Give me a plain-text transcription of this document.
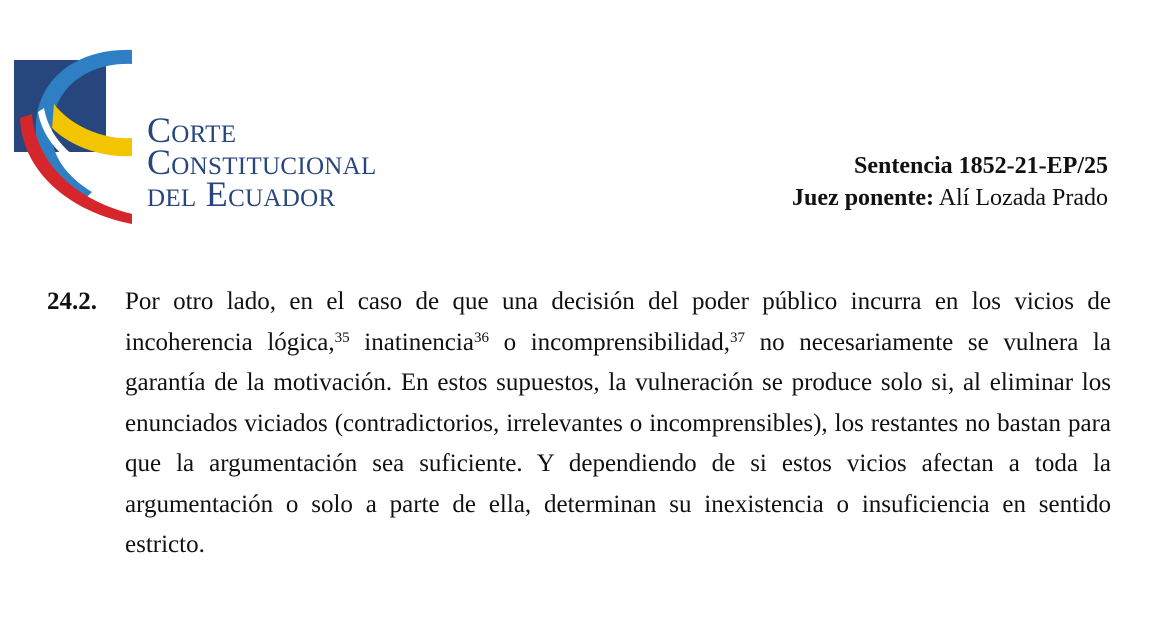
Corte
Constitucional
del Ecuador
Sentencia 1852-21-EP/25
Juez ponente: Alí Lozada Prado
24.2. Por otro lado, en el caso de que una decisión del poder público incurra en los vicios de incoherencia lógica,$^{35}$ inatinencia$^{36}$ o incomprensibilidad,$^{37}$ no necesariamente se vulnera la garantía de la motivación. En estos supuestos, la vulneración se produce solo si, al eliminar los enunciados viciados (contradictorios, irrelevantes o incomprensibles), los restantes no bastan para que la argumentación sea suficiente. Y dependiendo de si estos vicios afectan a toda la argumentación o solo a parte de ella, determinan su inexistencia o insuficiencia en sentido estricto.
